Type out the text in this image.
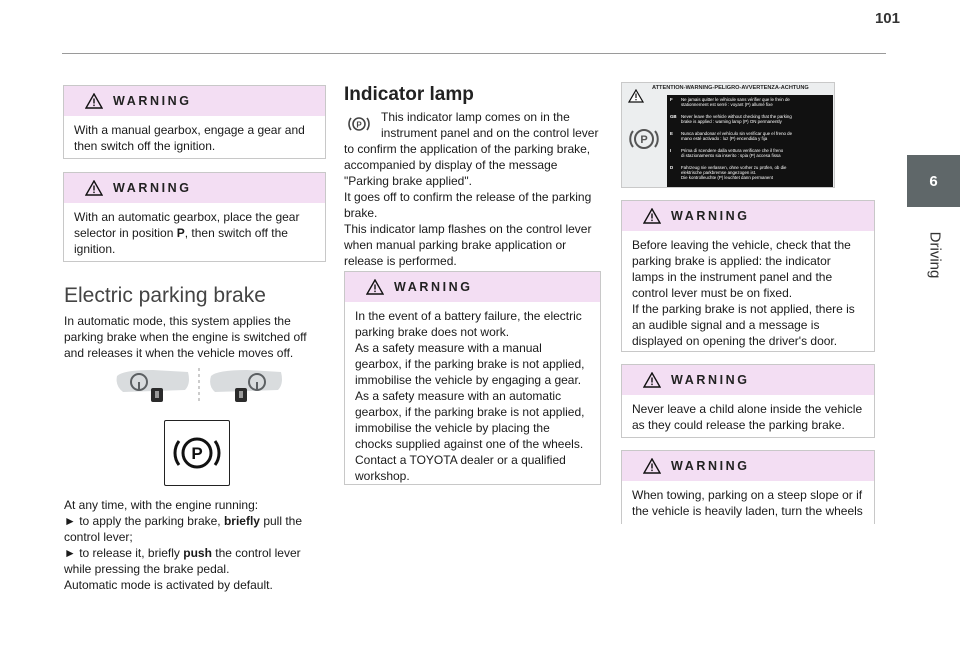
101
6
Driving
WARNING

With a manual gearbox, engage a gear and then switch off the ignition.

WARNING

With an automatic gearbox, place the gear selector in position P, then switch off the ignition.

Electric parking brake
In automatic mode, this system applies the parking brake when the engine is switched off and releases it when the vehicle moves off.
P

At any time, with the engine running:

► to apply the parking brake, briefly pull the

control lever;

► to release it, briefly push the control lever

while pressing the brake pedal.

Automatic mode is activated by default.

Indicator lamp
P

This indicator lamp comes on in the

instrument panel and on the control lever

to confirm the application of the parking brake, accompanied by display of the message "Parking brake applied".

It goes off to confirm the release of the parking brake.

This indicator lamp flashes on the control lever when manual parking brake application or release is performed.

WARNING

In the event of a battery failure, the electric parking brake does not work.

As a safety measure with a manual gearbox, if the parking brake is not applied, immobilise the vehicle by engaging a gear.

As a safety measure with an automatic gearbox, if the parking brake is not applied, immobilise the vehicle by placing the chocks supplied against one of the wheels.

Contact a TOYOTA dealer or a qualified workshop.

ATTENTION-WARNING-PELIGRO-AVVERTENZA-ACHTUNG
P
F Ne jamais quitter le véhicule sans vérifier que le frein de
stationnement est serré : voyant (P) allumé fixe
GB Never leave the vehicle without checking that the parking
brake is applied : warning lamp (P) ON permanently
E Nunca abandonar el vehículo sin verificar que el freno de
mano esté activado : luz (P) encendida y fija
I Prima di scendere dalla vettura verificare che il freno
di stazionamento sia inserito : spia (P) accesa fissa
D Fahrzeug nie verlassen, ohne vorher zu prüfen, ob die
elektrische parkbremse angezogen ist.
Die kontrolleuchte (P) leuchtet dann permanent
WARNING

Before leaving the vehicle, check that the parking brake is applied: the indicator lamps in the instrument panel and the control lever must be on fixed.

If the parking brake is not applied, there is an audible signal and a message is displayed on opening the driver's door.

WARNING

Never leave a child alone inside the vehicle as they could release the parking brake.

WARNING

When towing, parking on a steep slope or if the vehicle is heavily laden, turn the wheels
